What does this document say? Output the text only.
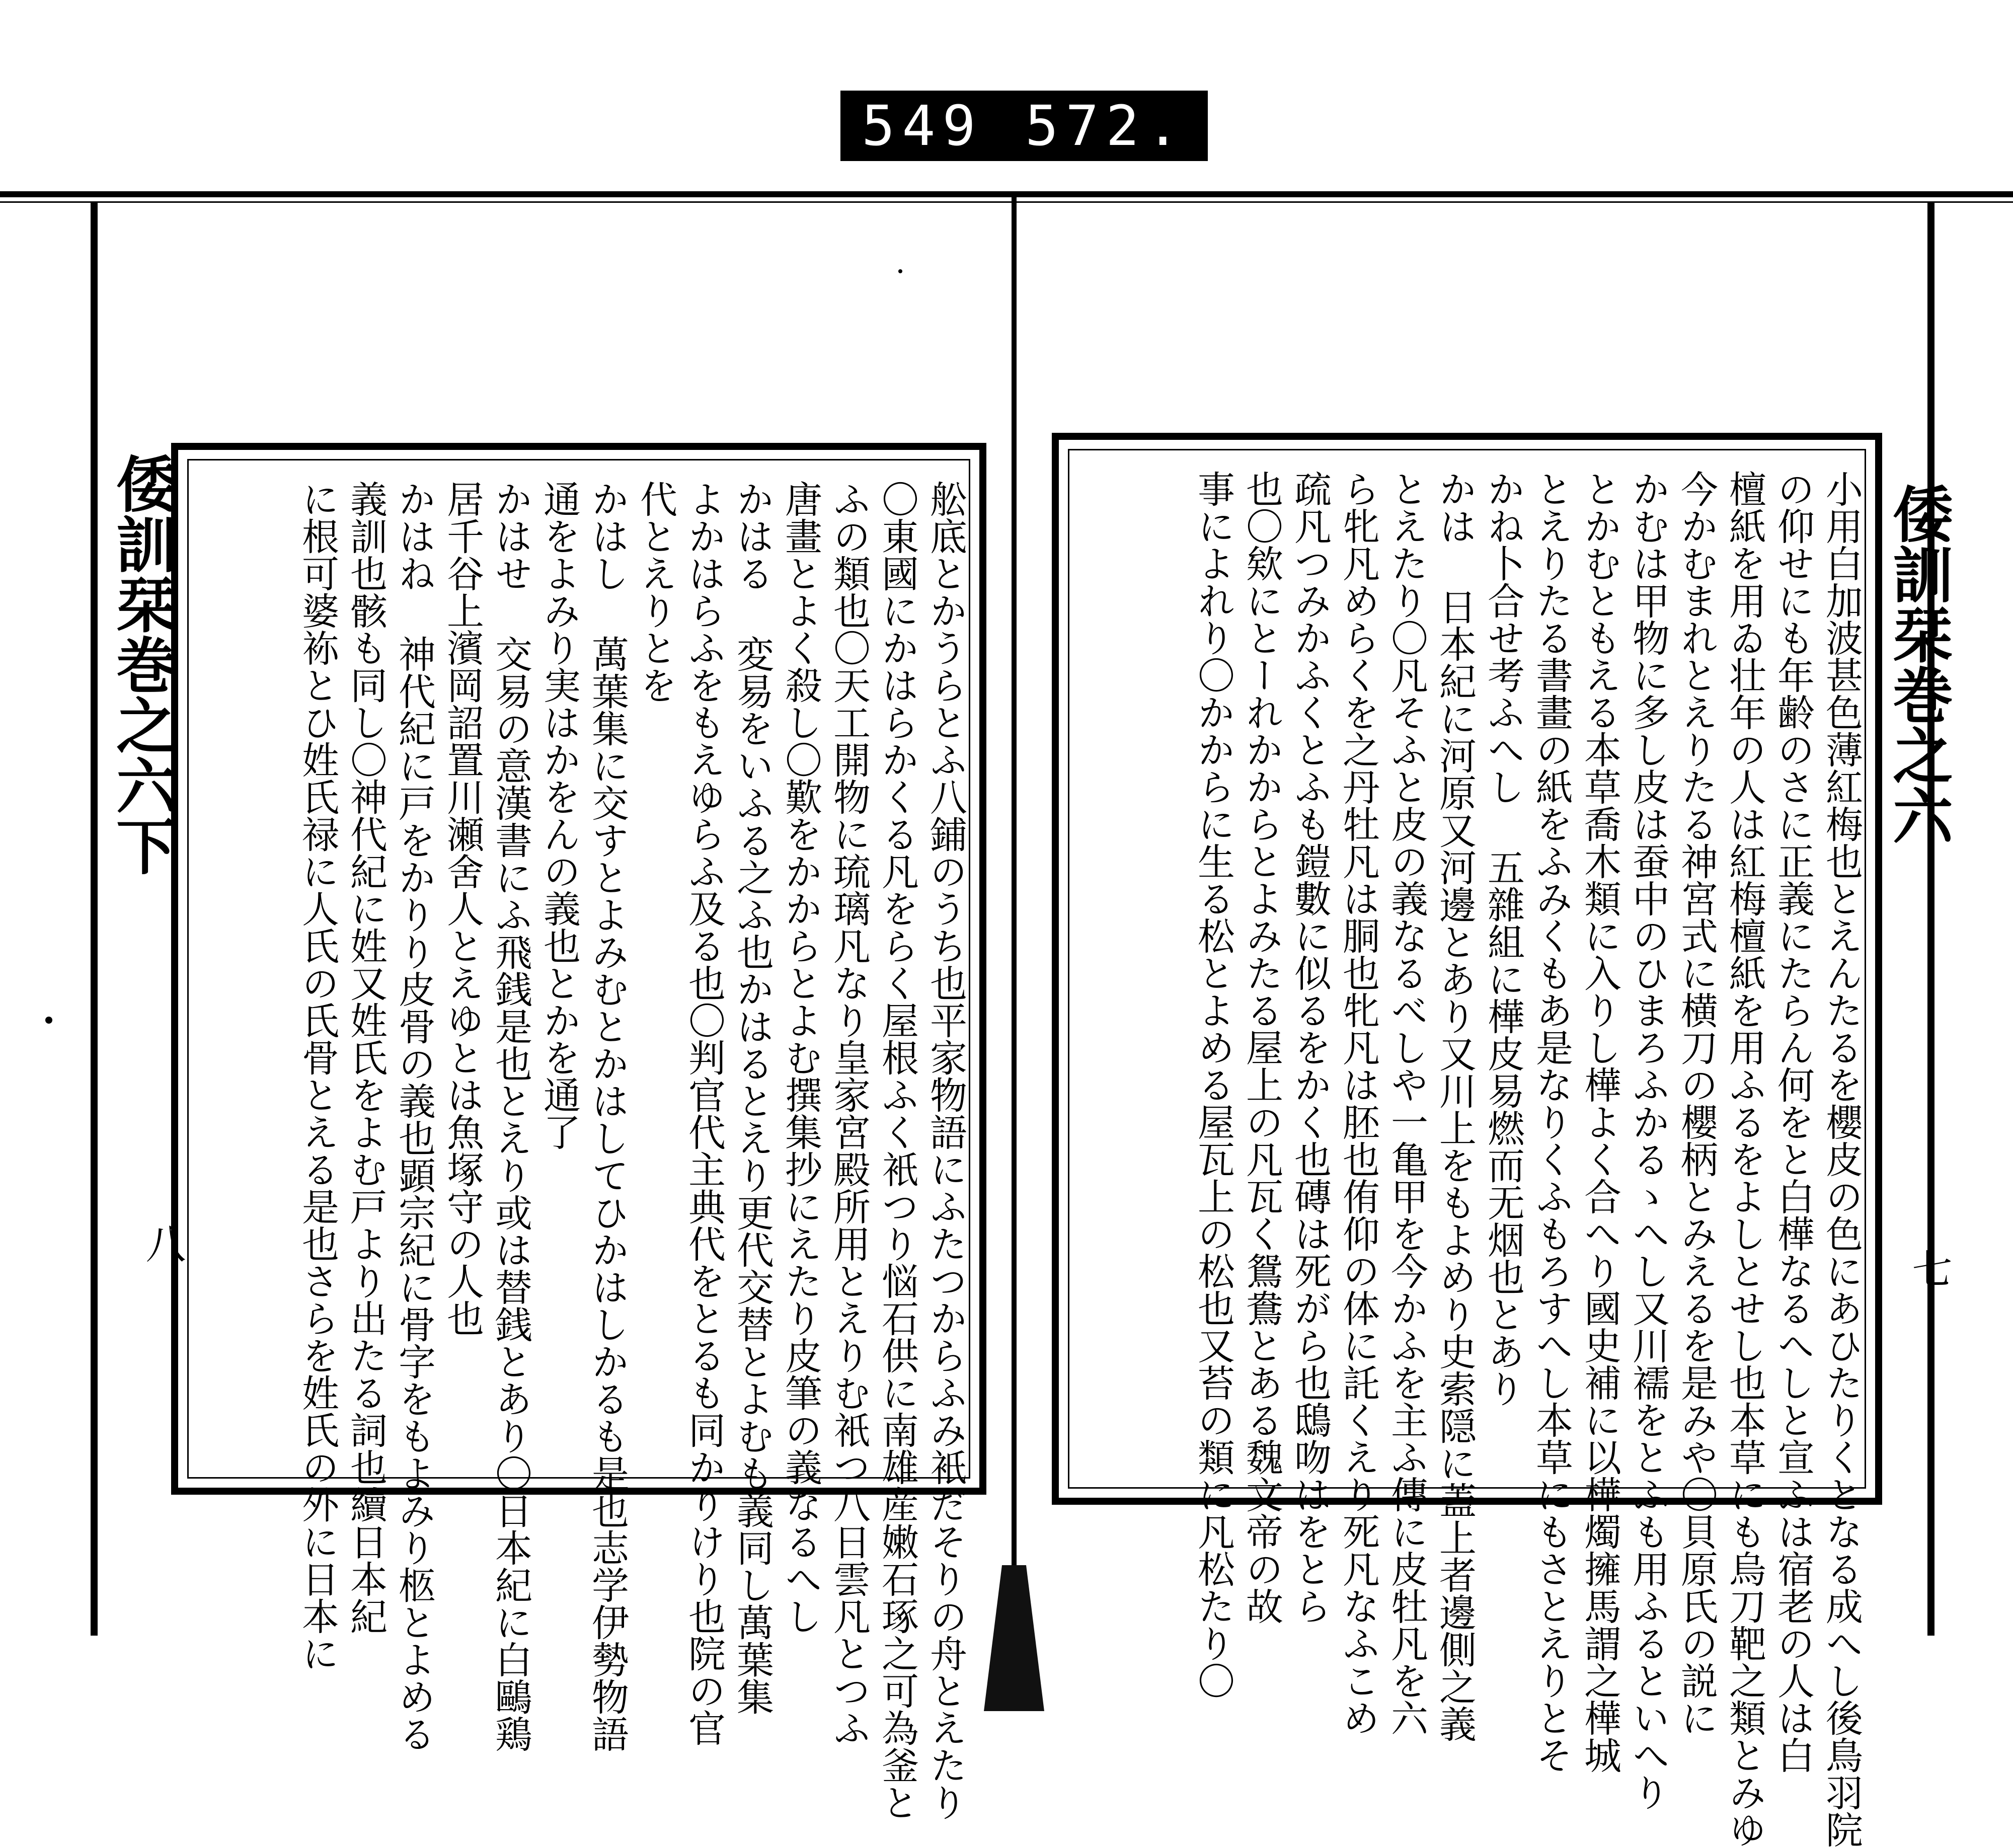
549 572.
倭訓栞巻之六下
八	舩底とかうらとふ八鋪のうち也平家物語にふたつからふみ衹だそりの舟とえたり
〇東國にかはらかくる凡をらく屋根ふく衹つり悩石供に南雄産嫩石琢之可為釜と
ふの類也〇天工開物に琉璃凡なり皇家宮殿所用とえりむ衹つ八日雲凡とつふ
唐畫とよく殺し〇歎をかからとよむ撰集抄にえたり皮筆の義なるへし
かはる 変易をいふる之ふ也かはるとえり更代交替とよむも義同し萬葉集
よかはらふをもえゆらふ及る也〇判官代主典代をとるも同かりけり也院の官
代とえりとを
かはし 萬葉集に交すとよみむとかはしてひかはしかるも是也志学伊勢物語
通をよみり実はかをんの義也とかを通了
かはせ 交易の意漢書にふ飛銭是也とえり或は替銭とあり〇日本紀に白鷗鶏
居千谷上濱岡詔置川瀬舍人とえゆとは魚塚守の人也
かはね 神代紀に戸をかりり皮骨の義也顕宗紀に骨字をもよみり柩とよめる
義訓也骸も同し〇神代紀に姓又姓氏をよむ戸より出たる詞也續日本紀
に根可婆袮とひ姓氏禄に人氏の氏骨とえる是也さらを姓氏の外に日本に	小用白加波甚色薄紅梅也とえんたるを櫻皮の色にあひたりくとなる成へし後鳥羽院
の仰せにも年齢のさに正義にたらん何をと白樺なるへしと宣ふは宿老の人は白
檀紙を用ゐ壮年の人は紅梅檀紙を用ふるをよしとせし也本草にも烏刀靶之類とみゆ
今かむまれとえりたる神宮式に横刀の櫻柄とみえるを是みや〇貝原氏の説に
かむは甲物に多し皮は蚕中のひまろふかるゝへし又川襦をとふも用ふるといへり
とかむともえる本草喬木類に入りし樺よく合へり國史補に以樺燭擁馬謂之樺城
とえりたる書畫の紙をふみくもあ是なりくふもろすへし本草にもさとえりとそ
かね卜合せ考ふへし 五雜組に樺皮易燃而无烟也とあり
かは 日本紀に河原又河邊とあり又川上をもよめり史索隠に蓋上者邊側之義
とえたり〇凡そふと皮の義なるべしや一亀甲を今かふを主ふ傳に皮牡凡を六
ら牝凡めらくを之丹牡凡は胴也牝凡は胚也侑仰の体に託くえり死凡なふこめ
疏凡つみかふくとふも鎧數に似るをかく也磚は死がら也鴟吻はをとら
也〇欸にとーれかからとよみたる屋上の凡瓦く鴛鴦とある魏文帝の故
事によれり〇かからに生る松とよめる屋瓦上の松也又苔の類に凡松たり〇	倭訓栞巻之六
七
